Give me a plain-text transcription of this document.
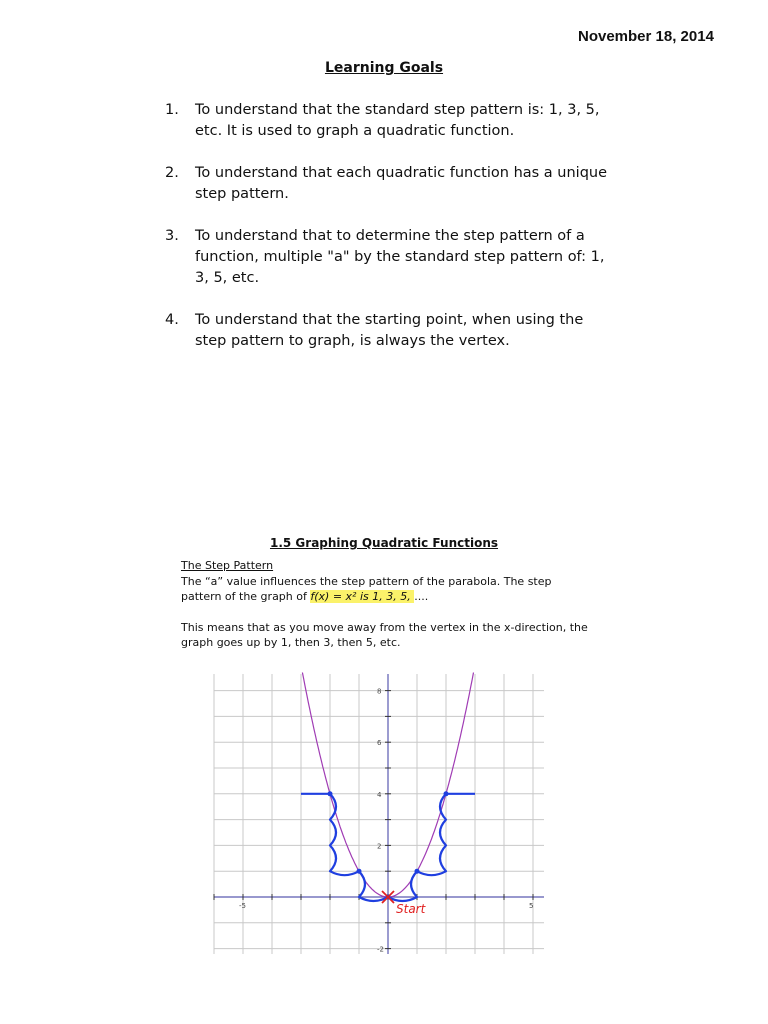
November 18, 2014
Learning Goals
1.	To understand that the standard step pattern is: 1, 3, 5, etc. It is used to graph a quadratic function.
2.	To understand that each quadratic function has a unique step pattern.
3.	To understand that to determine the step pattern of a function, multiple "a" by the standard step pattern of: 1, 3, 5, etc.
4.	To understand that the starting point, when using the step pattern to graph, is always the vertex.
1.5 Graphing Quadratic Functions
The Step Pattern
The “a” value influences the step pattern of the parabola. The step pattern of the graph of f(x) = x² is 1, 3, 5, ....
This means that as you move away from the vertex in the x-direction, the graph goes up by 1, then 3, then 5, etc.
-5	5
8
6
4
2
-2
Start
